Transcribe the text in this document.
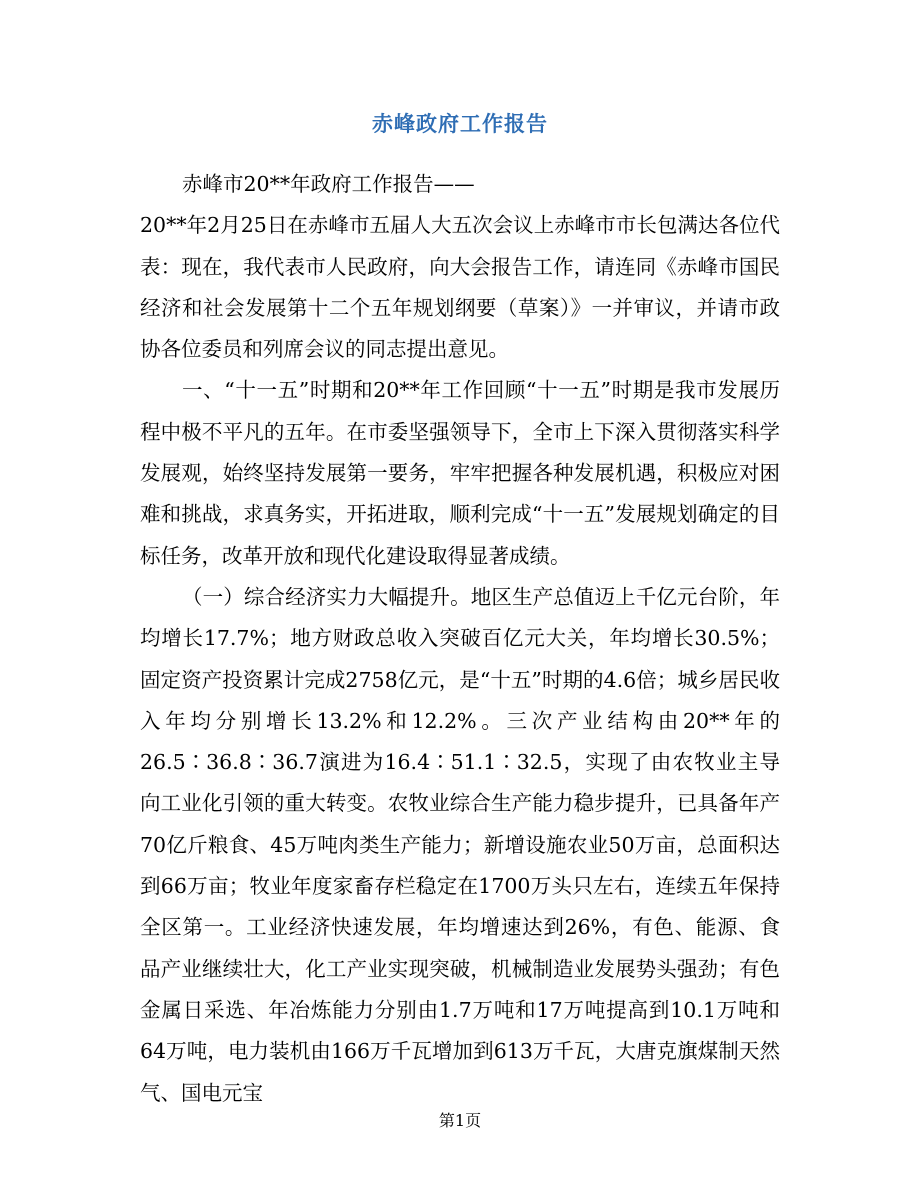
赤峰政府工作报告

赤峰市20**年政府工作报告——

20**年2月25日在赤峰市五届人大五次会议上赤峰市市长包满达各位代表：现在，我代表市人民政府，向大会报告工作，请连同《赤峰市国民经济和社会发展第十二个五年规划纲要（草案）》一并审议，并请市政协各位委员和列席会议的同志提出意见。

一、“十一五”时期和20**年工作回顾“十一五”时期是我市发展历程中极不平凡的五年。在市委坚强领导下，全市上下深入贯彻落实科学发展观，始终坚持发展第一要务，牢牢把握各种发展机遇，积极应对困难和挑战，求真务实，开拓进取，顺利完成“十一五”发展规划确定的目标任务，改革开放和现代化建设取得显著成绩。

（一）综合经济实力大幅提升。地区生产总值迈上千亿元台阶，年均增长17.7%；地方财政总收入突破百亿元大关，年均增长30.5%；固定资产投资累计完成2758亿元，是“十五”时期的4.6倍；城乡居民收入年均分别增长13.2%和12.2%。三次产业结构由20**年的26.5∶36.8∶36.7演进为16.4∶51.1∶32.5，实现了由农牧业主导向工业化引领的重大转变。农牧业综合生产能力稳步提升，已具备年产70亿斤粮食、45万吨肉类生产能力；新增设施农业50万亩，总面积达到66万亩；牧业年度家畜存栏稳定在1700万头只左右，连续五年保持全区第一。工业经济快速发展，年均增速达到26%，有色、能源、食品产业继续壮大，化工产业实现突破，机械制造业发展势头强劲；有色金属日采选、年冶炼能力分别由1.7万吨和17万吨提高到10.1万吨和64万吨，电力装机由166万千瓦增加到613万千瓦，大唐克旗煤制天然气、国电元宝

第1页
